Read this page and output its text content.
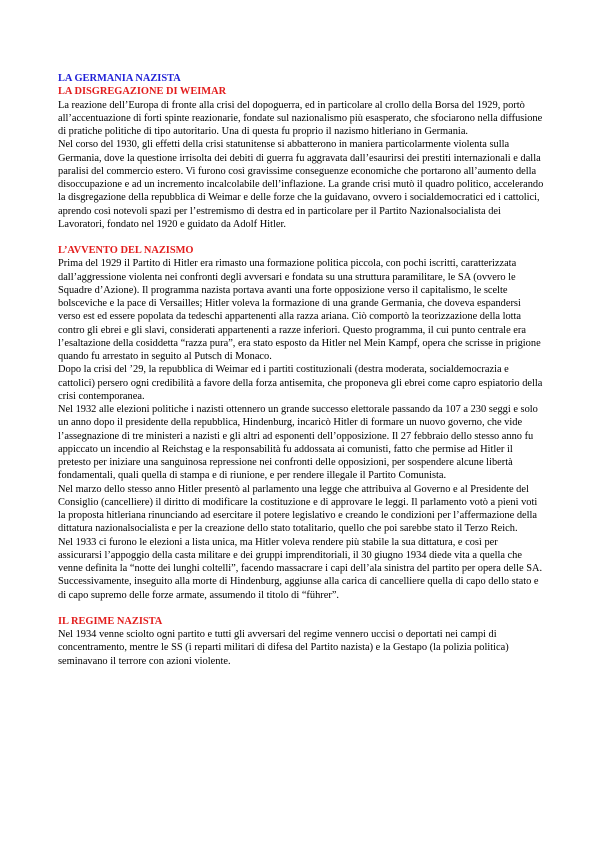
LA GERMANIA NAZISTA
LA DISGREGAZIONE DI WEIMAR

La reazione dell’Europa di fronte alla crisi del dopoguerra, ed in particolare al crollo della Borsa del 1929, portò all’accentuazione di forti spinte reazionarie, fondate sul nazionalismo più esasperato, che sfociarono nella diffusione di pratiche politiche di tipo autoritario. Una di questa fu proprio il nazismo hitleriano in Germania.

Nel corso del 1930, gli effetti della crisi statunitense si abbatterono in maniera particolarmente violenta sulla Germania, dove la questione irrisolta dei debiti di guerra fu aggravata dall’esaurirsi dei prestiti internazionali e dalla paralisi del commercio estero. Vi furono così gravissime conseguenze economiche che portarono all’aumento della disoccupazione e ad un incremento incalcolabile dell’inflazione. La grande crisi mutò il quadro politico, accelerando la disgregazione della repubblica di Weimar e delle forze che la guidavano, ovvero i socialdemocratici ed i cattolici, aprendo così notevoli spazi per l’estremismo di destra ed in particolare per il Partito Nazionalsocialista dei Lavoratori, fondato nel 1920 e guidato da Adolf Hitler.

L’AVVENTO DEL NAZISMO

Prima del 1929 il Partito di Hitler era rimasto una formazione politica piccola, con pochi iscritti, caratterizzata dall’aggressione violenta nei confronti degli avversari e fondata su una struttura paramilitare, le SA (ovvero le Squadre d’Azione). Il programma nazista portava avanti una forte opposizione verso il capitalismo, le scelte bolsceviche e la pace di Versailles; Hitler voleva la formazione di una grande Germania, che doveva espandersi verso est ed essere popolata da tedeschi appartenenti alla razza ariana. Ciò comportò la teorizzazione della lotta contro gli ebrei e gli slavi, considerati appartenenti a razze inferiori. Questo programma, il cui punto centrale era l’esaltazione della cosiddetta “razza pura”, era stato esposto da Hitler nel Mein Kampf, opera che scrisse in prigione quando fu arrestato in seguito al Putsch di Monaco.

Dopo la crisi del ’29, la repubblica di Weimar ed i partiti costituzionali (destra moderata, socialdemocrazia e cattolici) persero ogni credibilità a favore della forza antisemita, che proponeva gli ebrei come capro espiatorio della crisi contemporanea.

Nel 1932 alle elezioni politiche i nazisti ottennero un grande successo elettorale passando da 107 a 230 seggi e solo un anno dopo il presidente della repubblica, Hindenburg, incaricò Hitler di formare un nuovo governo, che vide l’assegnazione di tre ministeri a nazisti e gli altri ad esponenti dell’opposizione. Il 27 febbraio dello stesso anno fu appiccato un incendio al Reichstag e la responsabilità fu addossata ai comunisti, fatto che permise ad Hitler il pretesto per iniziare una sanguinosa repressione nei confronti delle opposizioni, per sospendere alcune libertà fondamentali, quali quella di stampa e di riunione, e per rendere illegale il Partito Comunista.

Nel marzo dello stesso anno Hitler presentò al parlamento una legge che attribuiva al Governo e al Presidente del Consiglio (cancelliere) il diritto di modificare la costituzione e di approvare le leggi. Il parlamento votò a pieni voti la proposta hitleriana rinunciando ad esercitare il potere legislativo e creando le condizioni per l’affermazione della dittatura nazionalsocialista e per la creazione dello stato totalitario, quello che poi sarebbe stato il Terzo Reich.

Nel 1933 ci furono le elezioni a lista unica, ma Hitler voleva rendere più stabile la sua dittatura, e così per assicurarsi l’appoggio della casta militare e dei gruppi imprenditoriali, il 30 giugno 1934 diede vita a quella che venne definita la “notte dei lunghi coltelli”, facendo massacrare i capi dell’ala sinistra del partito per opera delle SA. Successivamente, inseguito alla morte di Hindenburg, aggiunse alla carica di cancelliere quella di capo dello stato e di capo supremo delle forze armate, assumendo il titolo di “führer”.

IL REGIME NAZISTA

Nel 1934 venne sciolto ogni partito e tutti gli avversari del regime vennero uccisi o deportati nei campi di concentramento, mentre le SS (i reparti militari di difesa del Partito nazista) e la Gestapo (la polizia politica) seminavano il terrore con azioni violente.
